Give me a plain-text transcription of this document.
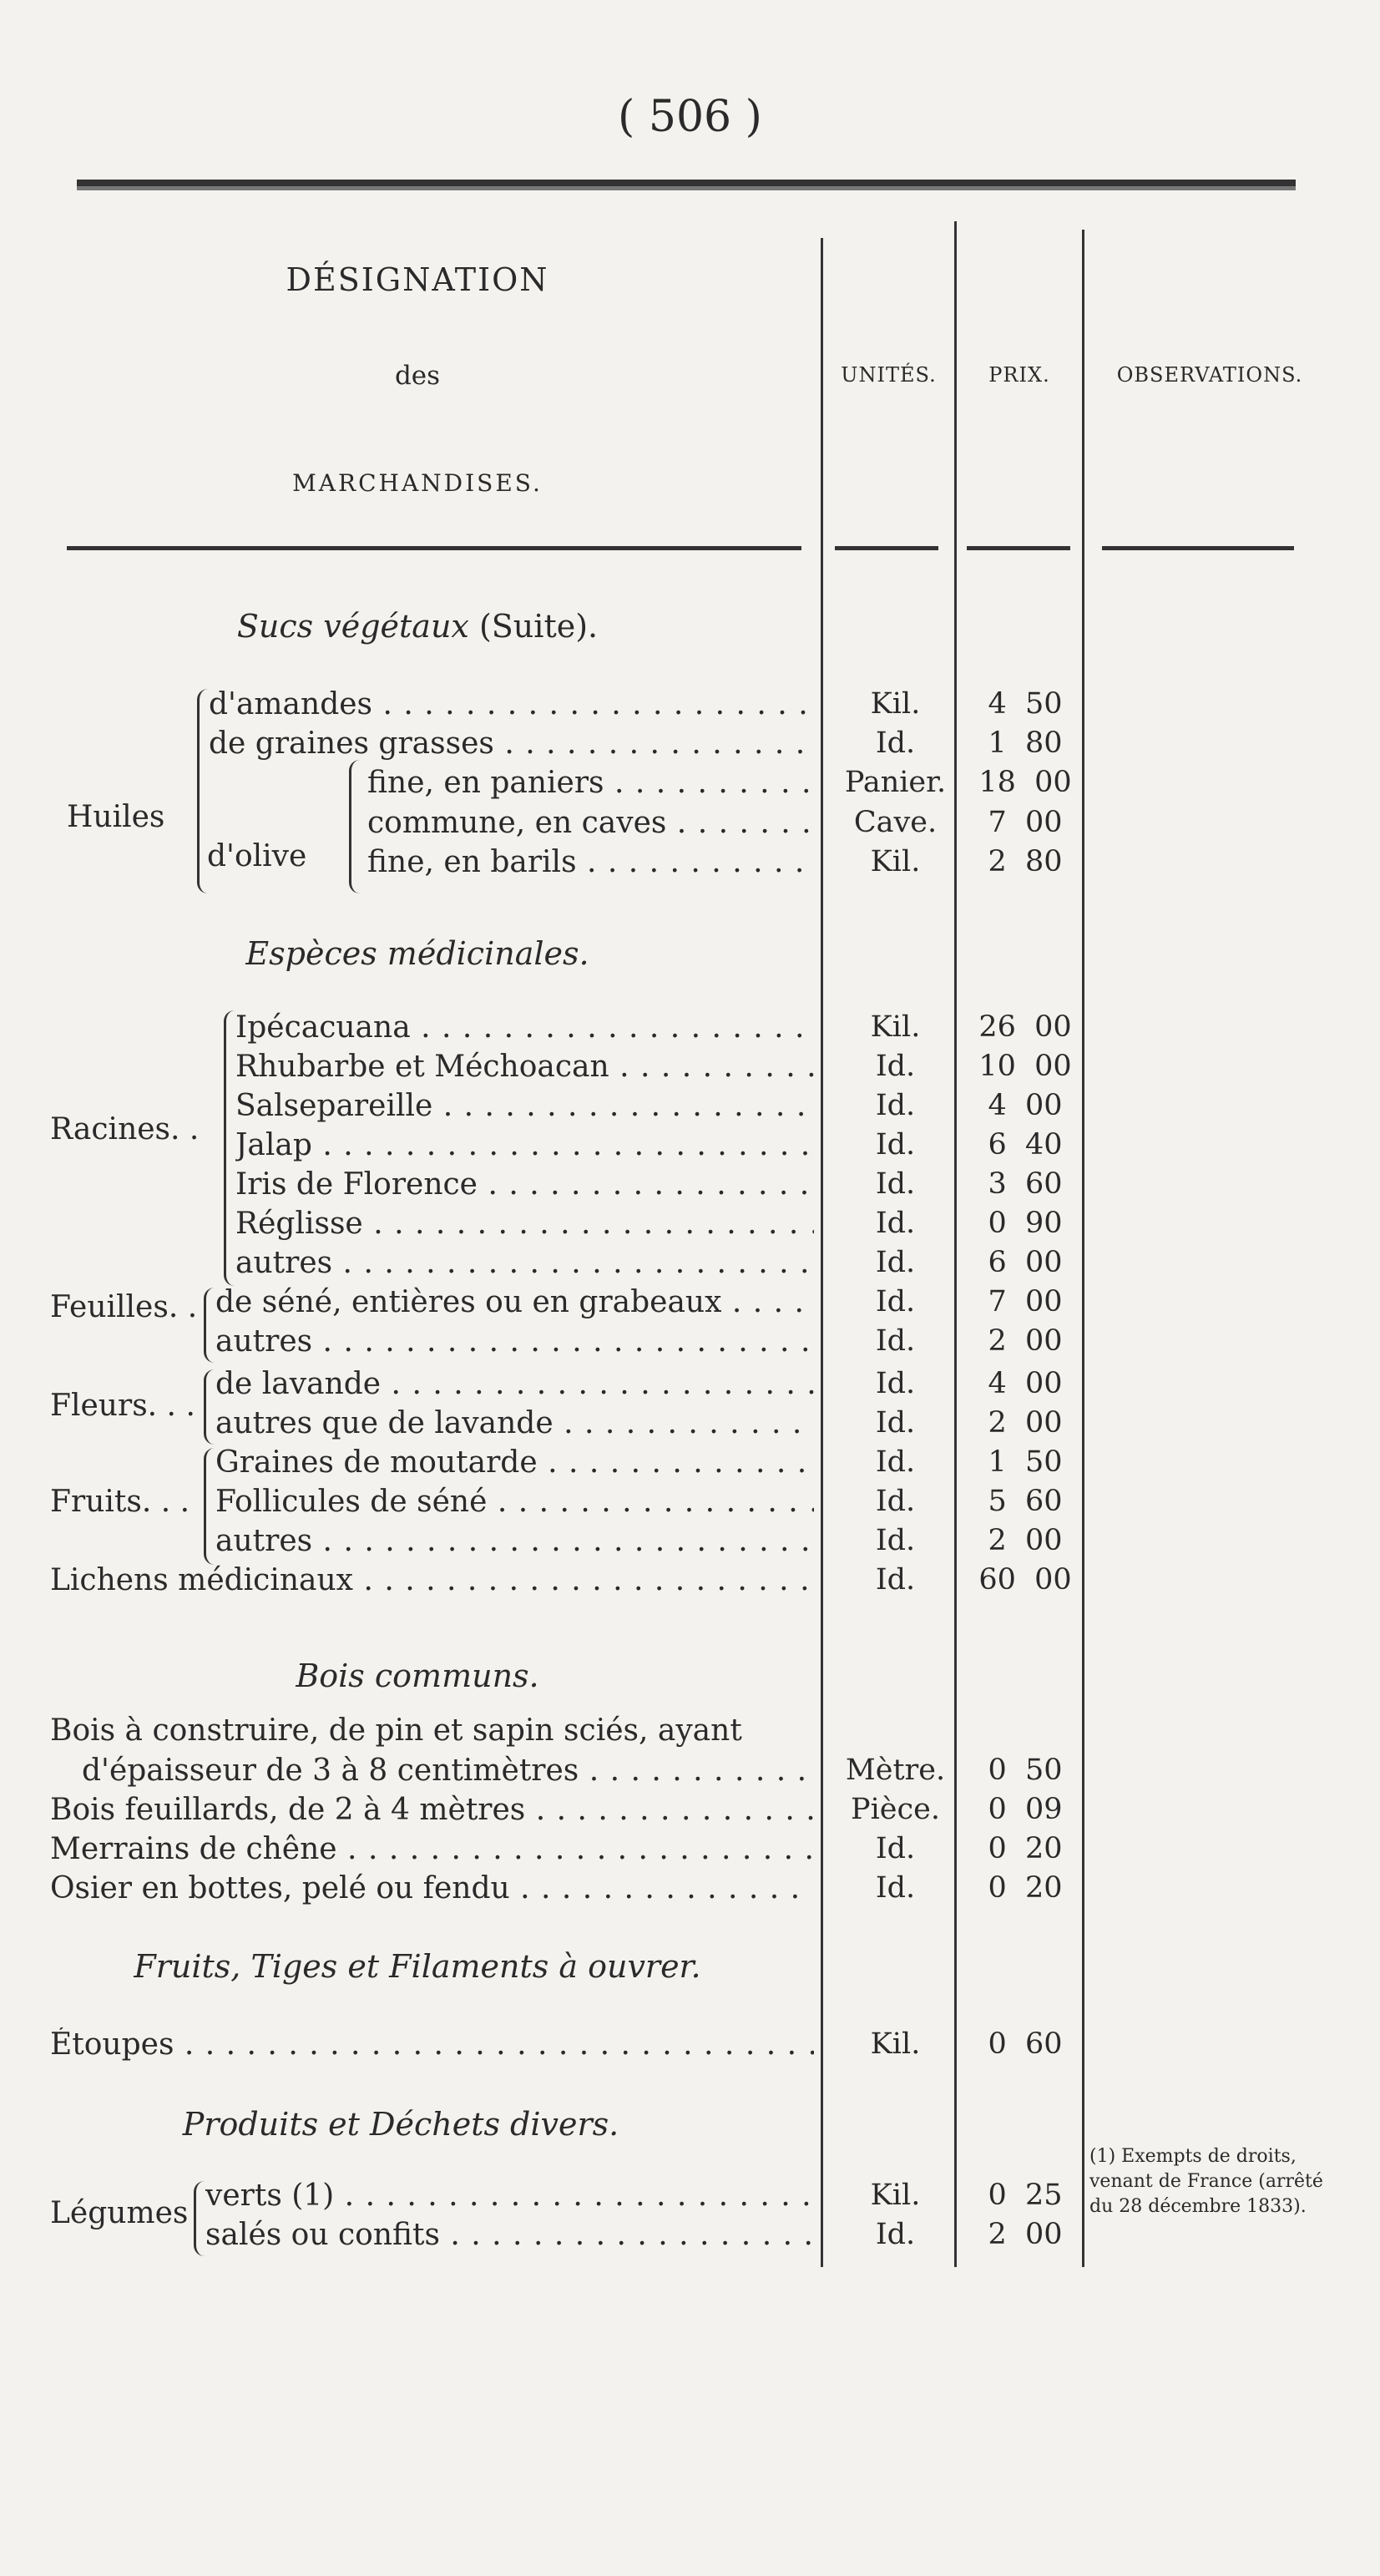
( 506 )
DÉSIGNATION
des
MARCHANDISES.
UNITÉS.	PRIX.	OBSERVATIONS.
Sucs végétaux (Suite).
Huiles
d'olive
d'amandes . . .	Kil.	4  50
de graines grasses . . .	Id.	1  80
fine, en paniers . . .	Panier.	18  00
commune, en caves . . .	Cave.	7  00
fine, en barils . . .	Kil.	2  80
Espèces médicinales.
Racines. .
Ipécacuana . . .	Kil.	26  00
Rhubarbe et Méchoacan . . .	Id.	10  00
Salsepareille . . .	Id.	4  00
Jalap . . .	Id.	6  40
Iris de Florence . . .	Id.	3  60
Réglisse . . .	Id.	0  90
autres . . .	Id.	6  00
Feuilles. . de séné, entières ou en grabeaux . . .	Id.	7  00
autres . . .	Id.	2  00
Fleurs. . .
de lavande . . .	Id.	4  00
autres que de lavande . . .	Id.	2  00
Fruits. . .
Graines de moutarde . . .	Id.	1  50
Follicules de séné . . .	Id.	5  60
autres . . .	Id.	2  00
Lichens médicinaux . . .	Id.	60  00
Bois communs.
Bois à construire, de pin et sapin sciés, ayant
d'épaisseur de 3 à 8 centimètres . . .	Mètre.	0  50
Bois feuillards, de 2 à 4 mètres . . .	Pièce.	0  09
Merrains de chêne . . .	Id.	0  20
Osier en bottes, pelé ou fendu . . .	Id.	0  20
Fruits, Tiges et Filaments à ouvrer.
Étoupes . . .	Kil.	0  60
Produits et Déchets divers.
Légumes
verts (1) . . .	Kil.	0  25
salés ou confits . . .	Id.	2  00
(1) Exempts de droits, venant de France (arrêté du 28 décembre 1833).
